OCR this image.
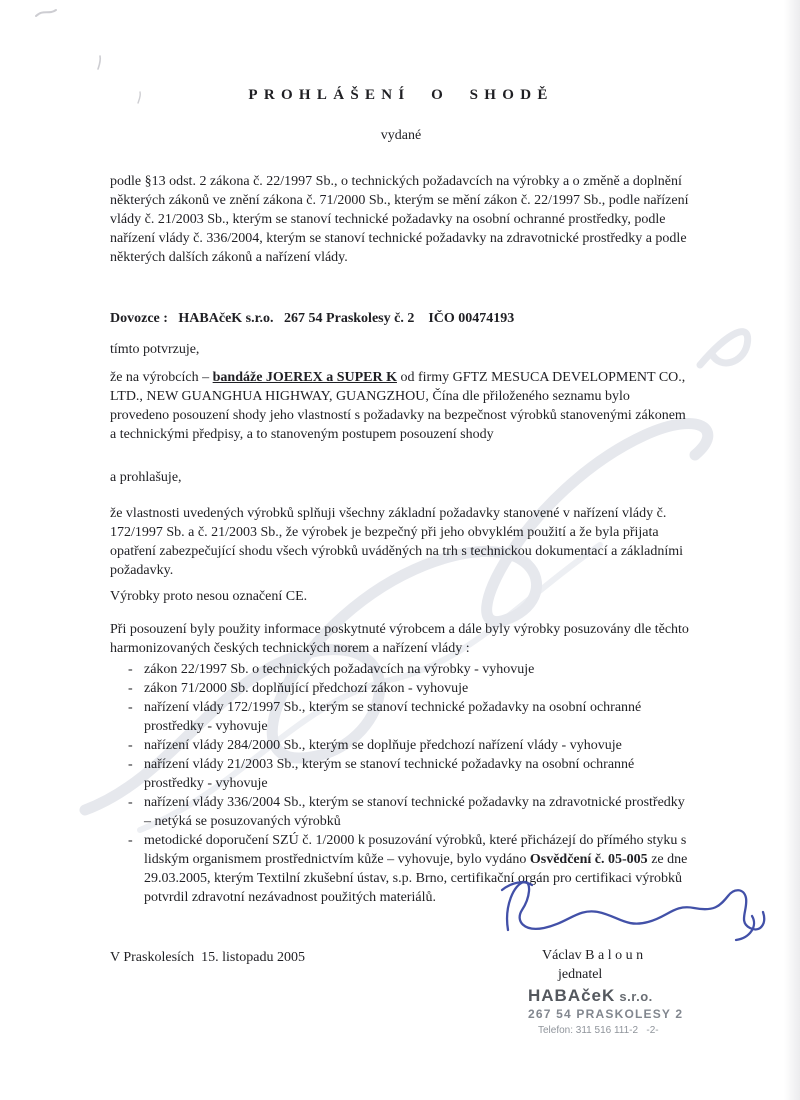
PROHLÁŠENÍ O SHODĚ

vydané

podle §13 odst. 2 zákona č. 22/1997 Sb., o technických požadavcích na výrobky a o změně a doplnění některých zákonů ve znění zákona č. 71/2000 Sb., kterým se mění zákon č. 22/1997 Sb., podle nařízení vlády č. 21/2003 Sb., kterým se stanoví technické požadavky na osobní ochranné prostředky, podle nařízení vlády č. 336/2004, kterým se stanoví technické požadavky na zdravotnické prostředky a podle některých dalších zákonů a nařízení vlády.

Dovozce :   HABAčeK s.r.o.   267 54 Praskolesy č. 2    IČO 00474193

tímto potvrzuje,

že na výrobcích – bandáže JOEREX a SUPER K od firmy GFTZ MESUCA DEVELOPMENT CO., LTD., NEW GUANGHUA HIGHWAY, GUANGZHOU, Čína dle přiloženého seznamu bylo provedeno posouzení shody jeho vlastností s požadavky na bezpečnost výrobků stanovenými zákonem a technickými předpisy, a to stanoveným postupem posouzení shody

a prohlašuje,

že vlastnosti uvedených výrobků splňuji všechny základní požadavky stanovené v nařízení vlády č. 172/1997 Sb. a č. 21/2003 Sb., že výrobek je bezpečný při jeho obvyklém použití a že byla přijata opatření zabezpečující shodu všech výrobků uváděných na trh s technickou dokumentací a základními požadavky.

Výrobky proto nesou označení CE.

Při posouzení byly použity informace poskytnuté výrobcem a dále byly výrobky posuzovány dle těchto harmonizovaných českých technických norem a nařízení vlády :

- zákon 22/1997 Sb. o technických požadavcích na výrobky - vyhovuje
- zákon 71/2000 Sb. doplňující předchozí zákon - vyhovuje
- nařízení vlády 172/1997 Sb., kterým se stanoví technické požadavky na osobní ochranné prostředky - vyhovuje
- nařízení vlády 284/2000 Sb., kterým se doplňuje předchozí nařízení vlády - vyhovuje
- nařízení vlády 21/2003 Sb., kterým se stanoví technické požadavky na osobní ochranné prostředky - vyhovuje
- nařízení vlády 336/2004 Sb., kterým se stanoví technické požadavky na zdravotnické prostředky – netýká se posuzovaných výrobků
- metodické doporučení SZÚ č. 1/2000 k posuzování výrobků, které přicházejí do přímého styku s lidským organismem prostřednictvím kůže – vyhovuje, bylo vydáno Osvědčení č. 05-005 ze dne 29.03.2005, kterým Textilní zkušební ústav, s.p. Brno, certifikační orgán pro certifikaci výrobků potvrdil zdravotní nezávadnost použitých materiálů.

V Praskolesích  15. listopadu 2005	Václav B a l o u n

jednatel

HABAčeK s.r.o.

267 54 PRASKOLESY 2

Telefon: 311 516 111-2   -2-
